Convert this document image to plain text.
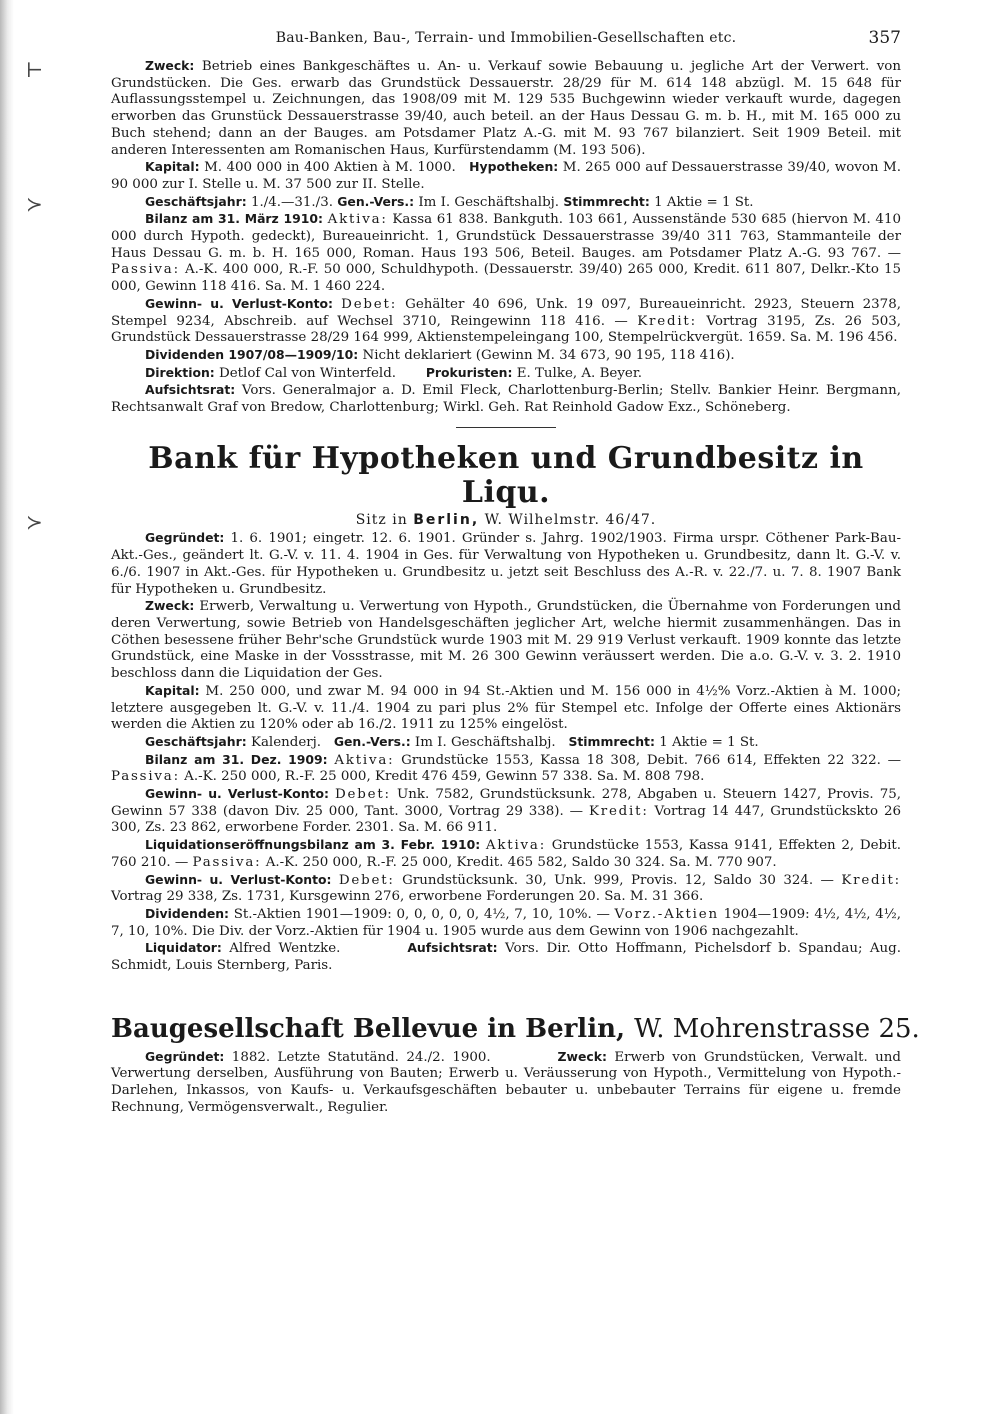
⊢
≻
≻
Bau-Banken, Bau-, Terrain- und Immobilien-Gesellschaften etc.	357

Zweck: Betrieb eines Bankgeschäftes u. An- u. Verkauf sowie Bebauung u. jegliche Art der Verwert. von Grundstücken. Die Ges. erwarb das Grundstück Dessauerstr. 28/29 für M. 614 148 abzügl. M. 15 648 für Auflassungsstempel u. Zeichnungen, das 1908/09 mit M. 129 535 Buchgewinn wieder verkauft wurde, dagegen erworben das Grunstück Dessauerstrasse 39/40, auch beteil. an der Haus Dessau G. m. b. H., mit M. 165 000 zu Buch stehend; dann an der Bauges. am Potsdamer Platz A.-G. mit M. 93 767 bilanziert. Seit 1909 Beteil. mit anderen Interessenten am Romanischen Haus, Kurfürstendamm (M. 193 506).

Kapital: M. 400 000 in 400 Aktien à M. 1000. Hypotheken: M. 265 000 auf Dessauerstrasse 39/40, wovon M. 90 000 zur I. Stelle u. M. 37 500 zur II. Stelle.

Geschäftsjahr: 1./4.—31./3. Gen.-Vers.: Im I. Geschäftshalbj. Stimmrecht: 1 Aktie = 1 St.

Bilanz am 31. März 1910: Aktiva: Kassa 61 838. Bankguth. 103 661, Aussenstände 530 685 (hiervon M. 410 000 durch Hypoth. gedeckt), Bureaueinricht. 1, Grundstück Dessauerstrasse 39/40 311 763, Stammanteile der Haus Dessau G. m. b. H. 165 000, Roman. Haus 193 506, Beteil. Bauges. am Potsdamer Platz A.-G. 93 767. — Passiva: A.-K. 400 000, R.-F. 50 000, Schuldhypoth. (Dessauerstr. 39/40) 265 000, Kredit. 611 807, Delkr.-Kto 15 000, Gewinn 118 416. Sa. M. 1 460 224.

Gewinn- u. Verlust-Konto: Debet: Gehälter 40 696, Unk. 19 097, Bureaueinricht. 2923, Steuern 2378, Stempel 9234, Abschreib. auf Wechsel 3710, Reingewinn 118 416. — Kredit: Vortrag 3195, Zs. 26 503, Grundstück Dessauerstrasse 28/29 164 999, Aktienstempeleingang 100, Stempelrückvergüt. 1659. Sa. M. 196 456.

Dividenden 1907/08—1909/10: Nicht deklariert (Gewinn M. 34 673, 90 195, 118 416).

Direktion: Detlof Cal von Winterfeld. Prokuristen: E. Tulke, A. Beyer.

Aufsichtsrat: Vors. Generalmajor a. D. Emil Fleck, Charlottenburg-Berlin; Stellv. Bankier Heinr. Bergmann, Rechtsanwalt Graf von Bredow, Charlottenburg; Wirkl. Geh. Rat Reinhold Gadow Exz., Schöneberg.

Bank für Hypotheken und Grundbesitz in Liqu.
Sitz in Berlin, W. Wilhelmstr. 46/47.

Gegründet: 1. 6. 1901; eingetr. 12. 6. 1901. Gründer s. Jahrg. 1902/1903. Firma urspr. Cöthener Park-Bau-Akt.-Ges., geändert lt. G.-V. v. 11. 4. 1904 in Ges. für Verwaltung von Hypotheken u. Grundbesitz, dann lt. G.-V. v. 6./6. 1907 in Akt.-Ges. für Hypotheken u. Grundbesitz u. jetzt seit Beschluss des A.-R. v. 22./7. u. 7. 8. 1907 Bank für Hypotheken u. Grundbesitz.

Zweck: Erwerb, Verwaltung u. Verwertung von Hypoth., Grundstücken, die Übernahme von Forderungen und deren Verwertung, sowie Betrieb von Handelsgeschäften jeglicher Art, welche hiermit zusammenhängen. Das in Cöthen besessene früher Behr'sche Grundstück wurde 1903 mit M. 29 919 Verlust verkauft. 1909 konnte das letzte Grundstück, eine Maske in der Vossstrasse, mit M. 26 300 Gewinn veräussert werden. Die a.o. G.-V. v. 3. 2. 1910 beschloss dann die Liquidation der Ges.

Kapital: M. 250 000, und zwar M. 94 000 in 94 St.-Aktien und M. 156 000 in 4½% Vorz.-Aktien à M. 1000; letztere ausgegeben lt. G.-V. v. 11./4. 1904 zu pari plus 2% für Stempel etc. Infolge der Offerte eines Aktionärs werden die Aktien zu 120% oder ab 16./2. 1911 zu 125% eingelöst.

Geschäftsjahr: Kalenderj. Gen.-Vers.: Im I. Geschäftshalbj. Stimmrecht: 1 Aktie = 1 St.

Bilanz am 31. Dez. 1909: Aktiva: Grundstücke 1553, Kassa 18 308, Debit. 766 614, Effekten 22 322. — Passiva: A.-K. 250 000, R.-F. 25 000, Kredit 476 459, Gewinn 57 338. Sa. M. 808 798.

Gewinn- u. Verlust-Konto: Debet: Unk. 7582, Grundstücksunk. 278, Abgaben u. Steuern 1427, Provis. 75, Gewinn 57 338 (davon Div. 25 000, Tant. 3000, Vortrag 29 338). — Kredit: Vortrag 14 447, Grundstückskto 26 300, Zs. 23 862, erworbene Forder. 2301. Sa. M. 66 911.

Liquidationseröffnungsbilanz am 3. Febr. 1910: Aktiva: Grundstücke 1553, Kassa 9141, Effekten 2, Debit. 760 210. — Passiva: A.-K. 250 000, R.-F. 25 000, Kredit. 465 582, Saldo 30 324. Sa. M. 770 907.

Gewinn- u. Verlust-Konto: Debet: Grundstücksunk. 30, Unk. 999, Provis. 12, Saldo 30 324. — Kredit: Vortrag 29 338, Zs. 1731, Kursgewinn 276, erworbene Forderungen 20. Sa. M. 31 366.

Dividenden: St.-Aktien 1901—1909: 0, 0, 0, 0, 0, 4½, 7, 10, 10%. — Vorz.-Aktien 1904—1909: 4½, 4½, 4½, 7, 10, 10%. Die Div. der Vorz.-Aktien für 1904 u. 1905 wurde aus dem Gewinn von 1906 nachgezahlt.

Liquidator: Alfred Wentzke.	Aufsichtsrat: Vors. Dir. Otto Hoffmann, Pichelsdorf b. Spandau; Aug. Schmidt, Louis Sternberg, Paris.

Baugesellschaft Bellevue in Berlin, W. Mohrenstrasse 25.

Gegründet: 1882. Letzte Statutänd. 24./2. 1900.	Zweck: Erwerb von Grundstücken, Verwalt. und Verwertung derselben, Ausführung von Bauten; Erwerb u. Veräusserung von Hypoth., Vermittelung von Hypoth.-Darlehen, Inkassos, von Kaufs- u. Verkaufsgeschäften bebauter u. unbebauter Terrains für eigene u. fremde Rechnung, Vermögensverwalt., Regulier.
